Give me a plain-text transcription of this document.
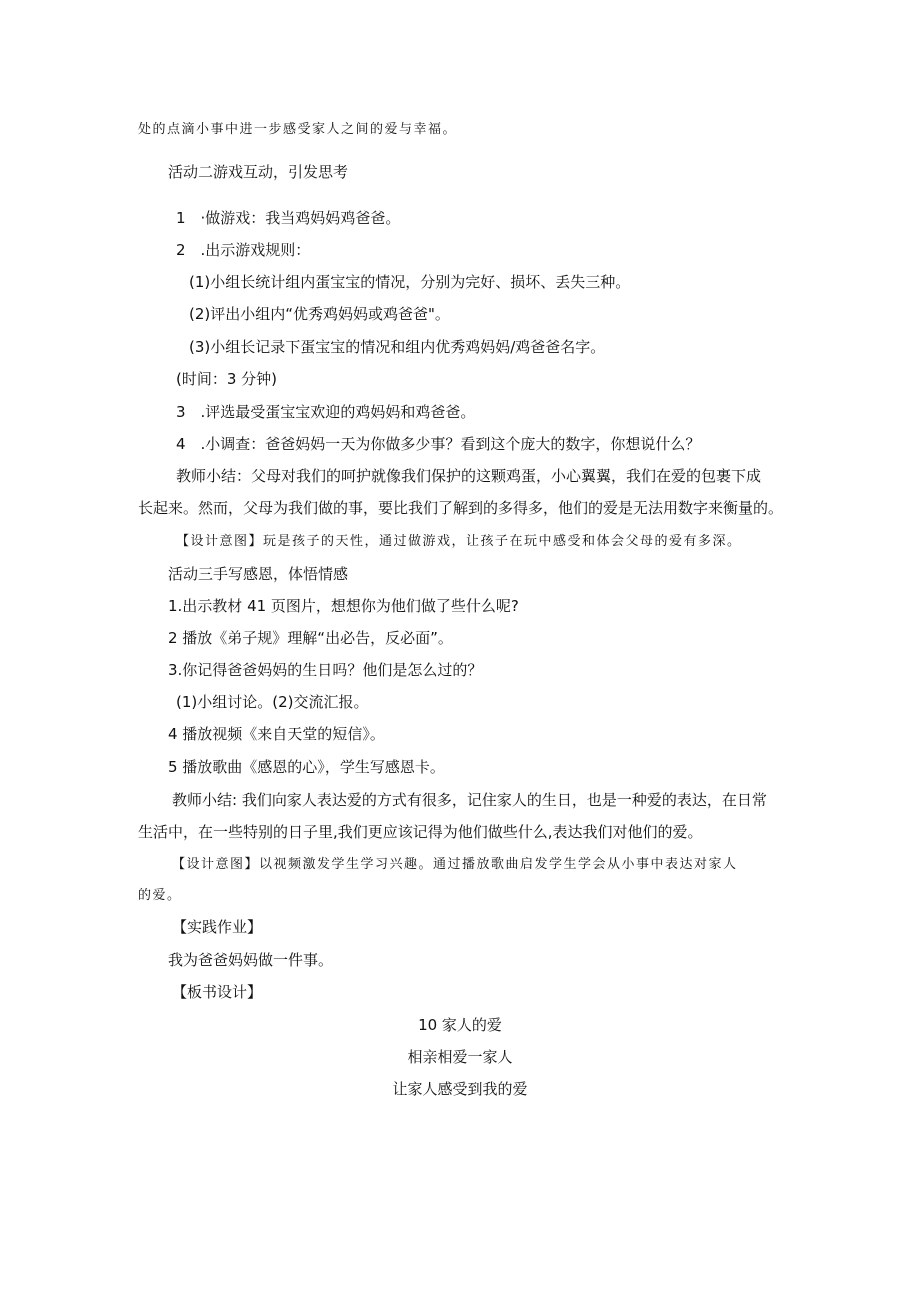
处的点滴小事中进一步感受家人之间的爱与幸福。

活动二游戏互动，引发思考

1　·做游戏：我当鸡妈妈鸡爸爸。

2　.出示游戏规则：

(1)小组长统计组内蛋宝宝的情况，分别为完好、损坏、丢失三种。

(2)评出小组内“优秀鸡妈妈或鸡爸爸"。

(3)小组长记录下蛋宝宝的情况和组内优秀鸡妈妈/鸡爸爸名字。

(时间：3 分钟)

3　.评选最受蛋宝宝欢迎的鸡妈妈和鸡爸爸。

4　.小调查：爸爸妈妈一天为你做多少事？看到这个庞大的数字，你想说什么？

教师小结：父母对我们的呵护就像我们保护的这颗鸡蛋，小心翼翼，我们在爱的包裹下成

长起来。然而，父母为我们做的事，要比我们了解到的多得多，他们的爱是无法用数字来衡量的。

【设计意图】玩是孩子的天性，通过做游戏，让孩子在玩中感受和体会父母的爱有多深。

活动三手写感恩，体悟情感

1.出示教材 41 页图片，想想你为他们做了些什么呢?

2 播放《弟子规》理解“出必告，反必面”。

3.你记得爸爸妈妈的生日吗？他们是怎么过的？

(1)小组讨论。(2)交流汇报。

4 播放视频《来自天堂的短信》。

5 播放歌曲《感恩的心》，学生写感恩卡。

教师小结: 我们向家人表达爱的方式有很多，记住家人的生日，也是一种爱的表达，在日常

生活中，在一些特别的日子里,我们更应该记得为他们做些什么,表达我们对他们的爱。

【设计意图】以视频激发学生学习兴趣。通过播放歌曲启发学生学会从小事中表达对家人

的爱。

【实践作业】

我为爸爸妈妈做一件事。

【板书设计】

10 家人的爱

相亲相爱一家人

让家人感受到我的爱
